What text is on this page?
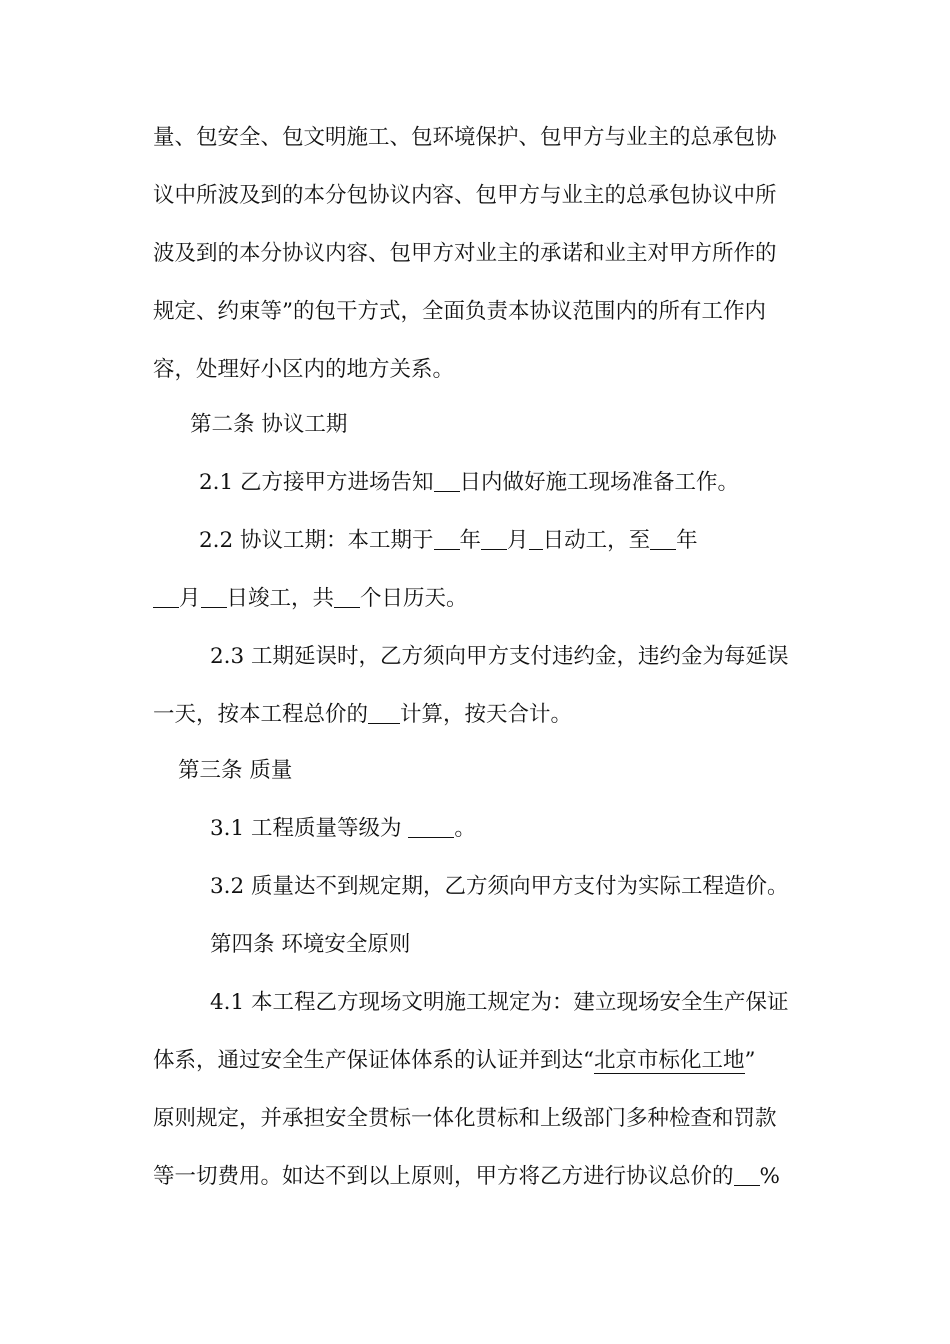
量、包安全、包文明施工、包环境保护、包甲方与业主的总承包协
议中所波及到的本分包协议内容、包甲方与业主的总承包协议中所
波及到的本分协议内容、包甲方对业主的承诺和业主对甲方所作的
规定、约束等”的包干方式，全面负责本协议范围内的所有工作内
容，处理好小区内的地方关系。
第二条 协议工期
2.1 乙方接甲方进场告知 日内做好施工现场准备工作。
2.2 协议工期：本工期于 年 月 日动工，至 年
月 日竣工，共 个日历天。
2.3 工期延误时，乙方须向甲方支付违约金，违约金为每延误
一天，按本工程总价的 计算，按天合计。
第三条 质量
3.1 工程质量等级为 。
3.2 质量达不到规定期，乙方须向甲方支付为实际工程造价。
第四条 环境安全原则
4.1 本工程乙方现场文明施工规定为：建立现场安全生产保证
体系，通过安全生产保证体体系的认证并到达“北京市标化工地”
原则规定，并承担安全贯标一体化贯标和上级部门多种检查和罚款
等一切费用。如达不到以上原则，甲方将乙方进行协议总价的 %
